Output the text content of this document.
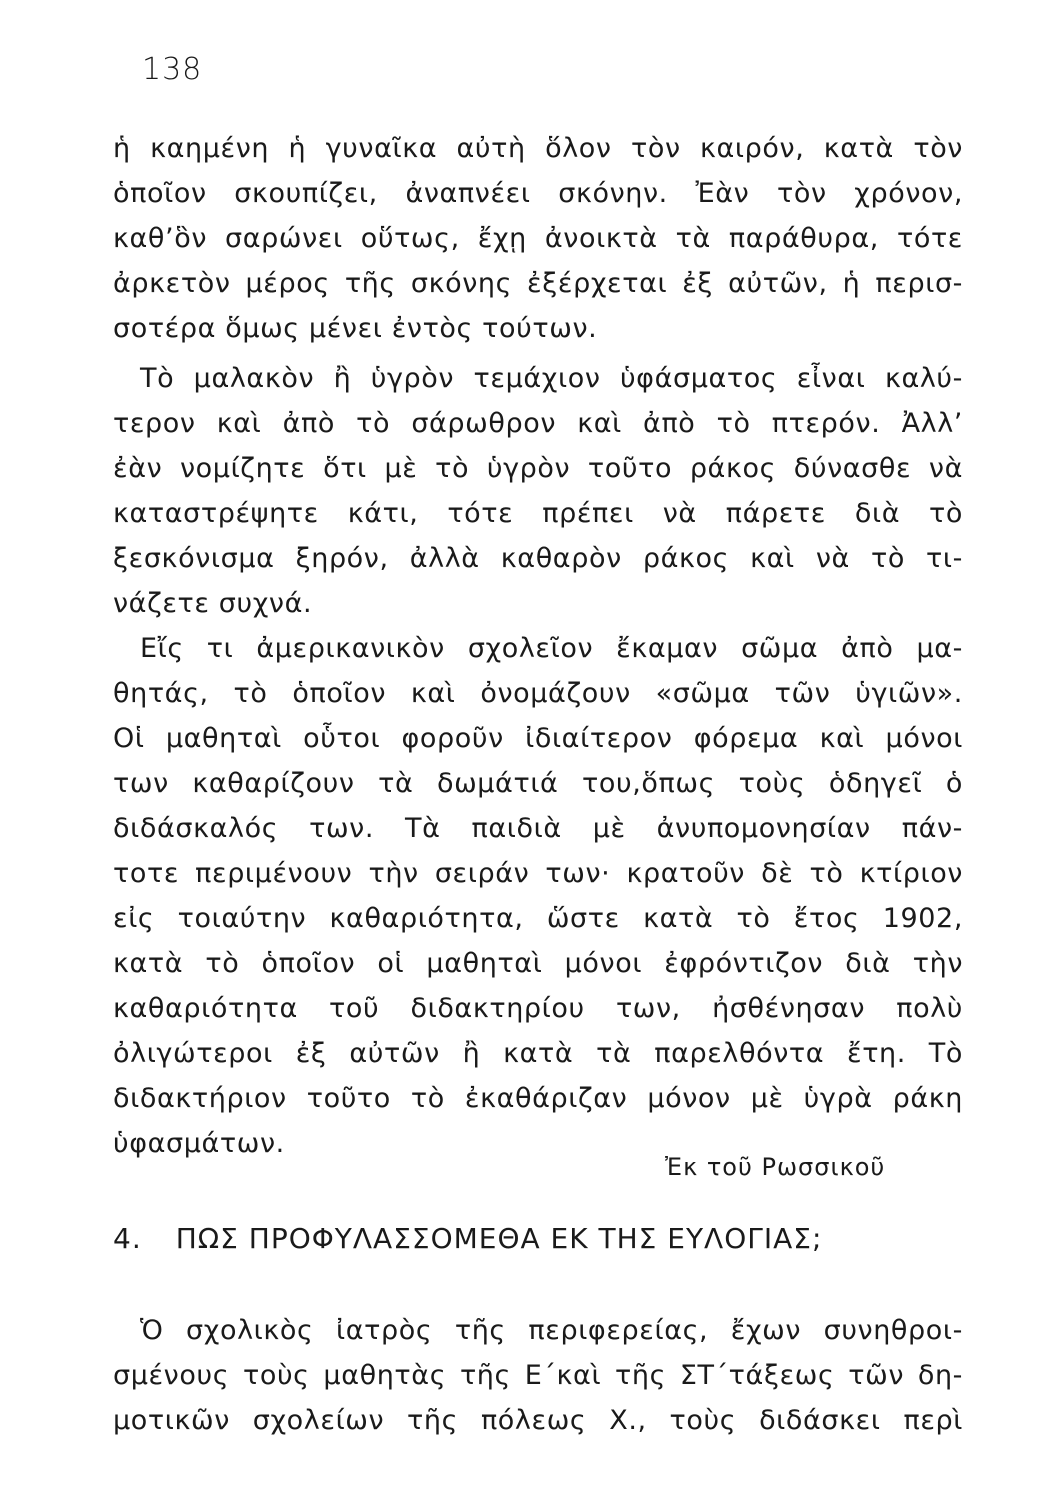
138
ἡ καημένη ἡ γυναῖκα αὐτὴ ὅλον τὸν καιρόν, κατὰ τὸν
ὁποῖον σκουπίζει, ἀναπνέει σκόνην. Ἐὰν τὸν χρόνον,
καθ’ὃν σαρώνει οὕτως, ἔχῃ ἀνοικτὰ τὰ παράθυρα, τότε
ἀρκετὸν μέρος τῆς σκόνης ἐξέρχεται ἐξ αὐτῶν, ἡ περισ-
σοτέρα ὅμως μένει ἐντὸς τούτων.
Τὸ μαλακὸν ἢ ὑγρὸν τεμάχιον ὑφάσματος εἶναι καλύ-
τερον καὶ ἀπὸ τὸ σάρωθρον καὶ ἀπὸ τὸ πτερόν. Ἀλλ’
ἐὰν νομίζητε ὅτι μὲ τὸ ὑγρὸν τοῦτο ράκος δύνασθε νὰ
καταστρέψητε κάτι, τότε πρέπει νὰ πάρετε διὰ τὸ
ξεσκόνισμα ξηρόν, ἀλλὰ καθαρὸν ράκος καὶ νὰ τὸ τι-
νάζετε συχνά.
Εἴς τι ἀμερικανικὸν σχολεῖον ἔκαμαν σῶμα ἀπὸ μα-
θητάς, τὸ ὁποῖον καὶ ὀνομάζουν «σῶμα τῶν ὑγιῶν».
Οἱ μαθηταὶ οὗτοι φοροῦν ἰδιαίτερον φόρεμα καὶ μόνοι
των καθαρίζουν τὰ δωμάτιά του,ὅπως τοὺς ὁδηγεῖ ὁ
διδάσκαλός των. Τὰ παιδιὰ μὲ ἀνυπομονησίαν πάν-
τοτε περιμένουν τὴν σειράν των· κρατοῦν δὲ τὸ κτίριον
εἰς τοιαύτην καθαριότητα, ὥστε κατὰ τὸ ἔτος 1902,
κατὰ τὸ ὁποῖον οἱ μαθηταὶ μόνοι ἐφρόντιζον διὰ τὴν
καθαριότητα τοῦ διδακτηρίου των, ἠσθένησαν πολὺ
ὀλιγώτεροι ἐξ αὐτῶν ἢ κατὰ τὰ παρελθόντα ἔτη. Τὸ
διδακτήριον τοῦτο τὸ ἐκαθάριζαν μόνον μὲ ὑγρὰ ράκη
ὑφασμάτων.
Ἐκ τοῦ Ρωσσικοῦ
4. ΠΩΣ ΠΡΟΦΥΛΑΣΣΟΜΕΘΑ ΕΚ ΤΗΣ ΕΥΛΟΓΙΑΣ;
Ὁ σχολικὸς ἰατρὸς τῆς περιφερείας, ἔχων συνηθροι-
σμένους τοὺς μαθητὰς τῆς Ε΄καὶ τῆς ΣΤ΄τάξεως τῶν δη-
μοτικῶν σχολείων τῆς πόλεως Χ., τοὺς διδάσκει περὶ
